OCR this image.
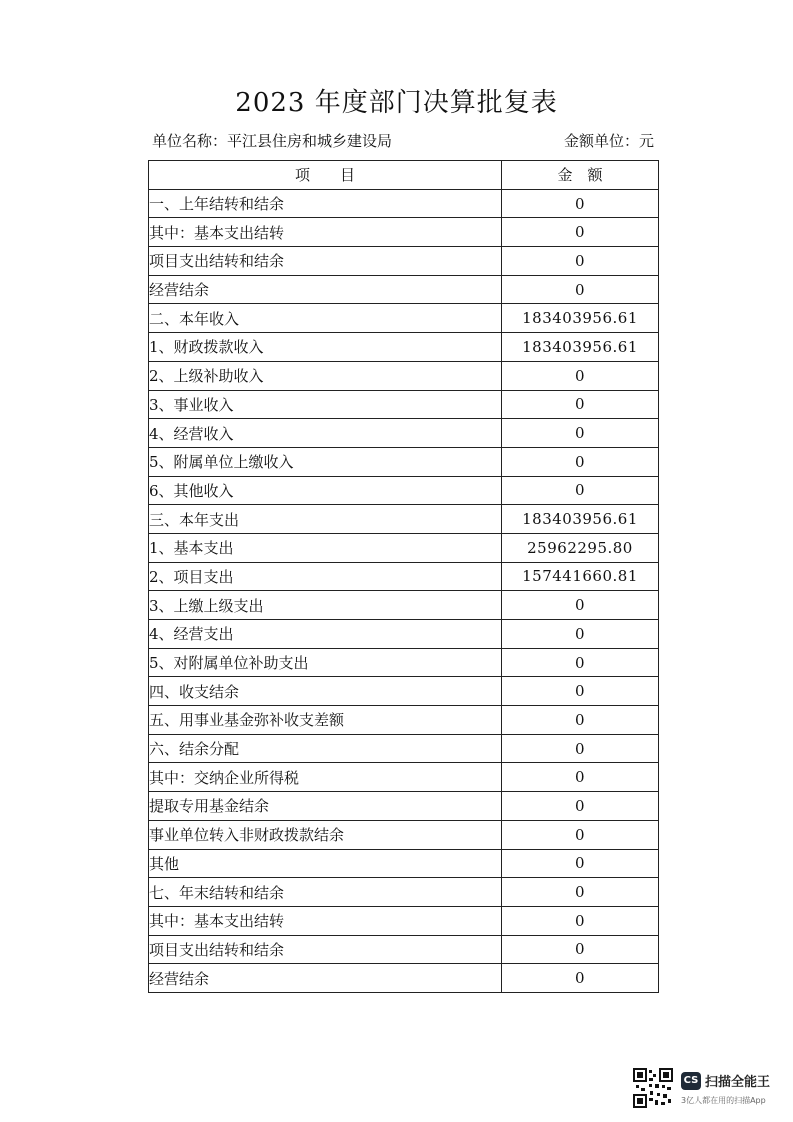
2023 年度部门决算批复表
单位名称：平江县住房和城乡建设局	金额单位：元
项　　目	金　额
一、上年结转和结余	0
其中：基本支出结转	0
项目支出结转和结余	0
经营结余	0
二、本年收入	183403956.61
1、财政拨款收入	183403956.61
2、上级补助收入	0
3、事业收入	0
4、经营收入	0
5、附属单位上缴收入	0
6、其他收入	0
三、本年支出	183403956.61
1、基本支出	25962295.80
2、项目支出	157441660.81
3、上缴上级支出	0
4、经营支出	0
5、对附属单位补助支出	0
四、收支结余	0
五、用事业基金弥补收支差额	0
六、结余分配	0
其中：交纳企业所得税	0
提取专用基金结余	0
事业单位转入非财政拨款结余	0
其他	0
七、年末结转和结余	0
其中：基本支出结转	0
项目支出结转和结余	0
经营结余	0
CS 扫描全能王
3亿人都在用的扫描App
